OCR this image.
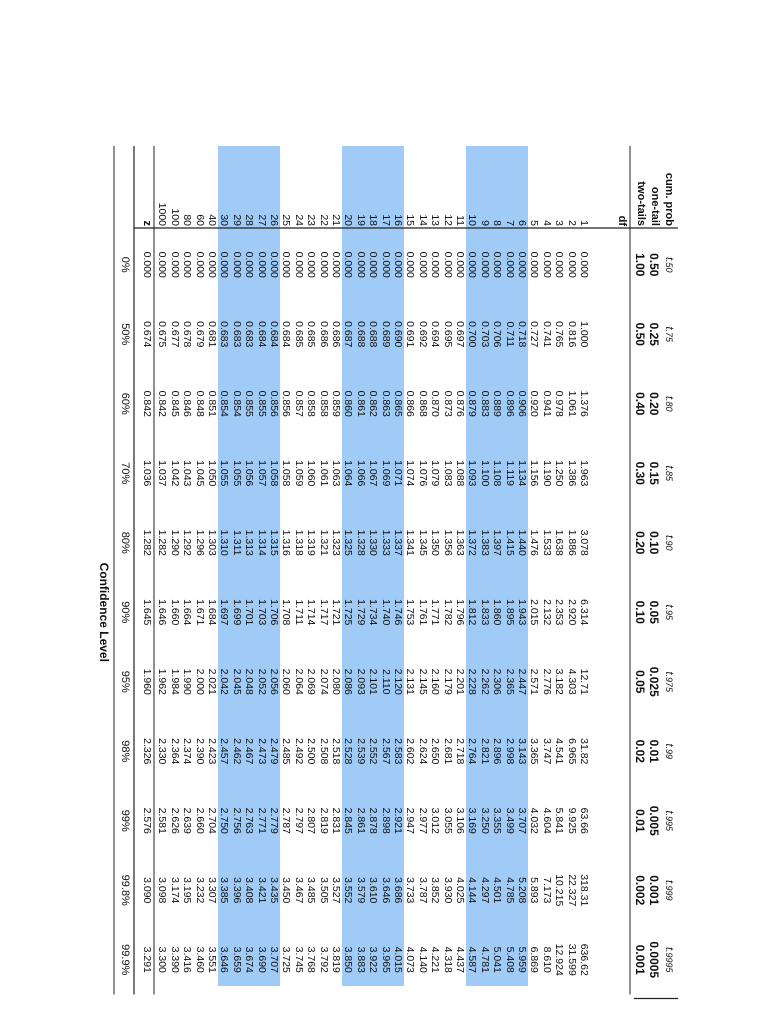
cum. prob
one-tail
two-tails
df
t.50
t.75
t.80
t.85
t.90
t.95
t.975
t.99
t.995
t.999
t.9995
0.50
0.25
0.20
0.15
0.10
0.05
0.025
0.01
0.005
0.001
0.0005
1.00
0.50
0.40
0.30
0.20
0.10
0.05
0.02
0.01
0.002
0.001
1
0.000
1.000
1.376
1.963
3.078
6.314
12.71
31.82
63.66
318.31
636.62
2
0.000
0.816
1.061
1.386
1.886
2.920
4.303
6.965
9.925
22.327
31.599
3
0.000
0.765
0.978
1.250
1.638
2.353
3.182
4.541
5.841
10.215
12.924
4
0.000
0.741
0.941
1.190
1.533
2.132
2.776
3.747
4.604
7.173
8.610
5
0.000
0.727
0.920
1.156
1.476
2.015
2.571
3.365
4.032
5.893
6.869
6
0.000
0.718
0.906
1.134
1.440
1.943
2.447
3.143
3.707
5.208
5.959
7
0.000
0.711
0.896
1.119
1.415
1.895
2.365
2.998
3.499
4.785
5.408
8
0.000
0.706
0.889
1.108
1.397
1.860
2.306
2.896
3.355
4.501
5.041
9
0.000
0.703
0.883
1.100
1.383
1.833
2.262
2.821
3.250
4.297
4.781
10
0.000
0.700
0.879
1.093
1.372
1.812
2.228
2.764
3.169
4.144
4.587
11
0.000
0.697
0.876
1.088
1.363
1.796
2.201
2.718
3.106
4.025
4.437
12
0.000
0.695
0.873
1.083
1.356
1.782
2.179
2.681
3.055
3.930
4.318
13
0.000
0.694
0.870
1.079
1.350
1.771
2.160
2.650
3.012
3.852
4.221
14
0.000
0.692
0.868
1.076
1.345
1.761
2.145
2.624
2.977
3.787
4.140
15
0.000
0.691
0.866
1.074
1.341
1.753
2.131
2.602
2.947
3.733
4.073
16
0.000
0.690
0.865
1.071
1.337
1.746
2.120
2.583
2.921
3.686
4.015
17
0.000
0.689
0.863
1.069
1.333
1.740
2.110
2.567
2.898
3.646
3.965
18
0.000
0.688
0.862
1.067
1.330
1.734
2.101
2.552
2.878
3.610
3.922
19
0.000
0.688
0.861
1.066
1.328
1.729
2.093
2.539
2.861
3.579
3.883
20
0.000
0.687
0.860
1.064
1.325
1.725
2.086
2.528
2.845
3.552
3.850
21
0.000
0.686
0.859
1.063
1.323
1.721
2.080
2.518
2.831
3.527
3.819
22
0.000
0.686
0.858
1.061
1.321
1.717
2.074
2.508
2.819
3.505
3.792
23
0.000
0.685
0.858
1.060
1.319
1.714
2.069
2.500
2.807
3.485
3.768
24
0.000
0.685
0.857
1.059
1.318
1.711
2.064
2.492
2.797
3.467
3.745
25
0.000
0.684
0.856
1.058
1.316
1.708
2.060
2.485
2.787
3.450
3.725
26
0.000
0.684
0.856
1.058
1.315
1.706
2.056
2.479
2.779
3.435
3.707
27
0.000
0.684
0.855
1.057
1.314
1.703
2.052
2.473
2.771
3.421
3.690
28
0.000
0.683
0.855
1.056
1.313
1.701
2.048
2.467
2.763
3.408
3.674
29
0.000
0.683
0.854
1.055
1.311
1.699
2.045
2.462
2.756
3.396
3.659
30
0.000
0.683
0.854
1.055
1.310
1.697
2.042
2.457
2.750
3.385
3.646
40
0.000
0.681
0.851
1.050
1.303
1.684
2.021
2.423
2.704
3.307
3.551
60
0.000
0.679
0.848
1.045
1.296
1.671
2.000
2.390
2.660
3.232
3.460
80
0.000
0.678
0.846
1.043
1.292
1.664
1.990
2.374
2.639
3.195
3.416
100
0.000
0.677
0.845
1.042
1.290
1.660
1.984
2.364
2.626
3.174
3.390
1000
0.000
0.675
0.842
1.037
1.282
1.646
1.962
2.330
2.581
3.098
3.300
z
0.000
0.674
0.842
1.036
1.282
1.645
1.960
2.326
2.576
3.090
3.291
0%
50%
60%
70%
80%
90%
95%
98%
99%
99.8%
99.9%
Confidence Level
